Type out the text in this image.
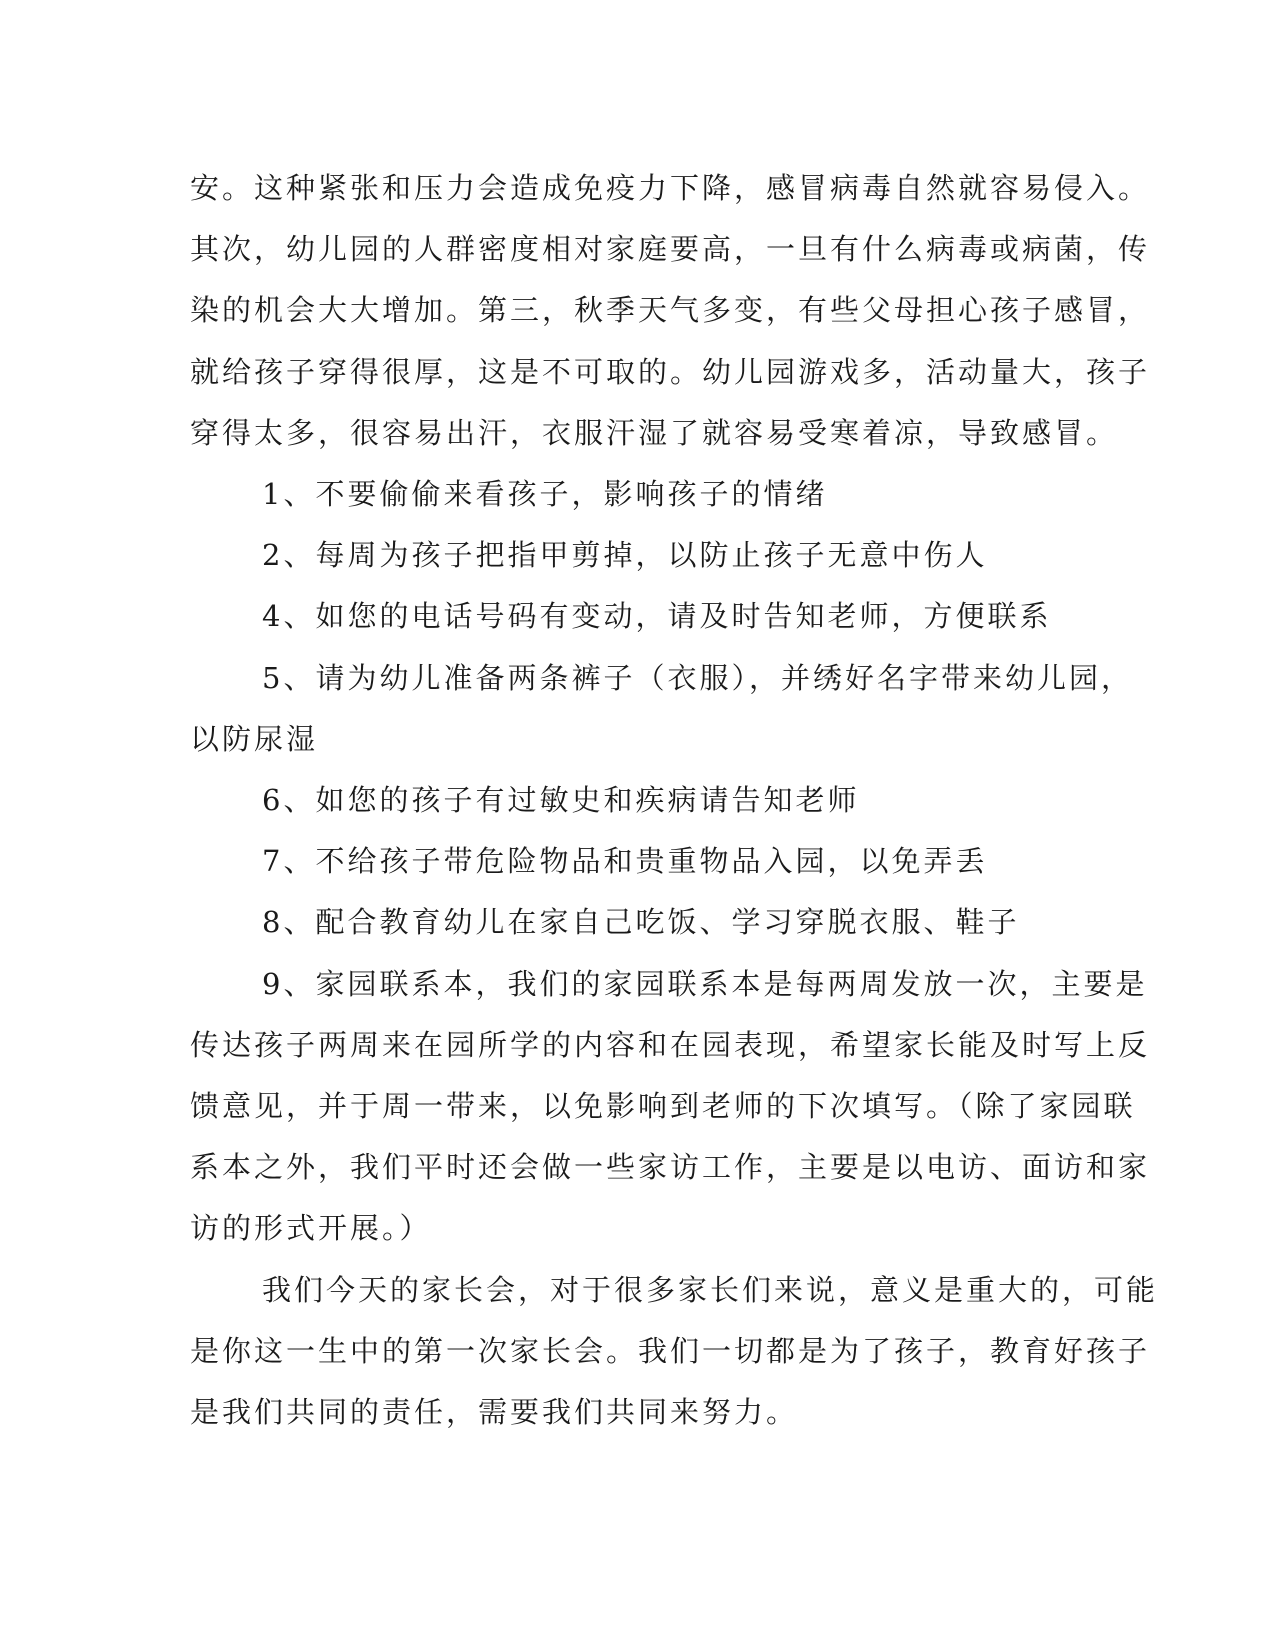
安。这种紧张和压力会造成免疫力下降，感冒病毒自然就容易侵入。

其次，幼儿园的人群密度相对家庭要高，一旦有什么病毒或病菌，传

染的机会大大增加。第三，秋季天气多变，有些父母担心孩子感冒，

就给孩子穿得很厚，这是不可取的。幼儿园游戏多，活动量大，孩子

穿得太多，很容易出汗，衣服汗湿了就容易受寒着凉，导致感冒。

1、不要偷偷来看孩子，影响孩子的情绪

2、每周为孩子把指甲剪掉，以防止孩子无意中伤人

4、如您的电话号码有变动，请及时告知老师，方便联系

5、请为幼儿准备两条裤子（衣服），并绣好名字带来幼儿园，

以防尿湿

6、如您的孩子有过敏史和疾病请告知老师

7、不给孩子带危险物品和贵重物品入园，以免弄丢

8、配合教育幼儿在家自己吃饭、学习穿脱衣服、鞋子

9、家园联系本，我们的家园联系本是每两周发放一次，主要是

传达孩子两周来在园所学的内容和在园表现，希望家长能及时写上反

馈意见，并于周一带来，以免影响到老师的下次填写。（除了家园联

系本之外，我们平时还会做一些家访工作，主要是以电访、面访和家

访的形式开展。）

我们今天的家长会，对于很多家长们来说，意义是重大的，可能

是你这一生中的第一次家长会。我们一切都是为了孩子，教育好孩子

是我们共同的责任，需要我们共同来努力。
